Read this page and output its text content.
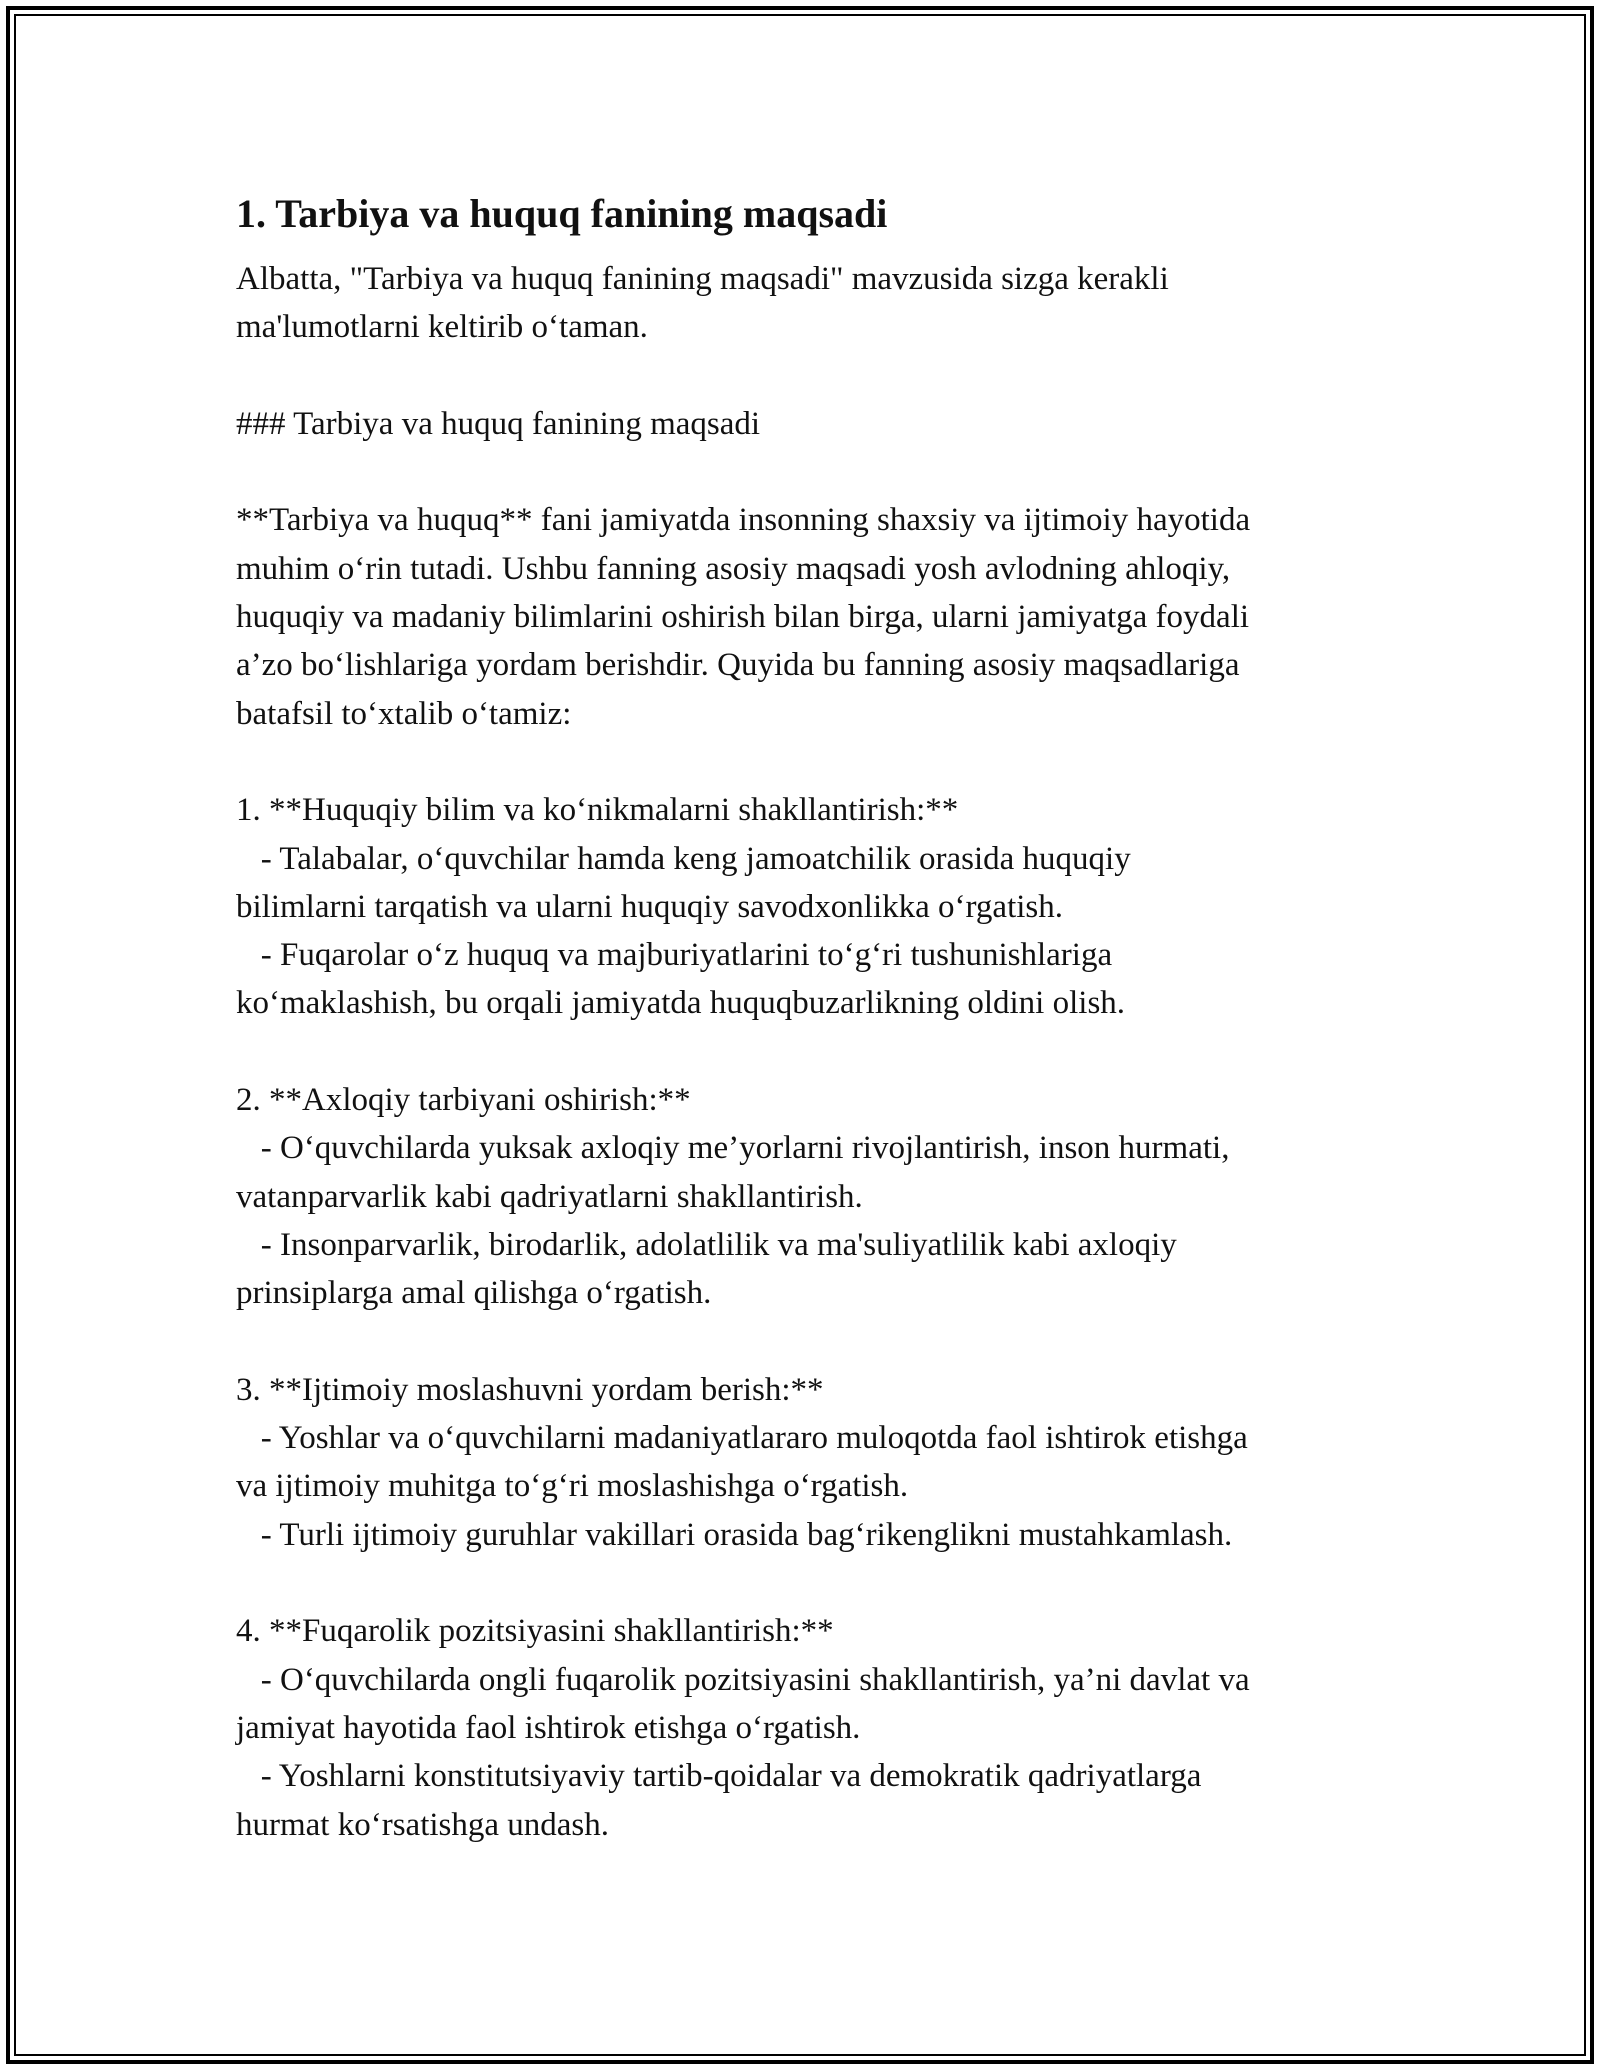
1. Tarbiya va huquq fanining maqsadi
Albatta, "Tarbiya va huquq fanining maqsadi" mavzusida sizga kerakli
ma'lumotlarni keltirib o‘taman.
### Tarbiya va huquq fanining maqsadi
**Tarbiya va huquq** fani jamiyatda insonning shaxsiy va ijtimoiy hayotida
muhim o‘rin tutadi. Ushbu fanning asosiy maqsadi yosh avlodning ahloqiy,
huquqiy va madaniy bilimlarini oshirish bilan birga, ularni jamiyatga foydali
a’zo bo‘lishlariga yordam berishdir. Quyida bu fanning asosiy maqsadlariga
batafsil to‘xtalib o‘tamiz:
1. **Huquqiy bilim va ko‘nikmalarni shakllantirish:**
- Talabalar, o‘quvchilar hamda keng jamoatchilik orasida huquqiy
bilimlarni tarqatish va ularni huquqiy savodxonlikka o‘rgatish.
- Fuqarolar o‘z huquq va majburiyatlarini to‘g‘ri tushunishlariga
ko‘maklashish, bu orqali jamiyatda huquqbuzarlikning oldini olish.
2. **Axloqiy tarbiyani oshirish:**
- O‘quvchilarda yuksak axloqiy me’yorlarni rivojlantirish, inson hurmati,
vatanparvarlik kabi qadriyatlarni shakllantirish.
- Insonparvarlik, birodarlik, adolatlilik va ma'suliyatlilik kabi axloqiy
prinsiplarga amal qilishga o‘rgatish.
3. **Ijtimoiy moslashuvni yordam berish:**
- Yoshlar va o‘quvchilarni madaniyatlararo muloqotda faol ishtirok etishga
va ijtimoiy muhitga to‘g‘ri moslashishga o‘rgatish.
- Turli ijtimoiy guruhlar vakillari orasida bag‘rikenglikni mustahkamlash.
4. **Fuqarolik pozitsiyasini shakllantirish:**
- O‘quvchilarda ongli fuqarolik pozitsiyasini shakllantirish, ya’ni davlat va
jamiyat hayotida faol ishtirok etishga o‘rgatish.
- Yoshlarni konstitutsiyaviy tartib-qoidalar va demokratik qadriyatlarga
hurmat ko‘rsatishga undash.
